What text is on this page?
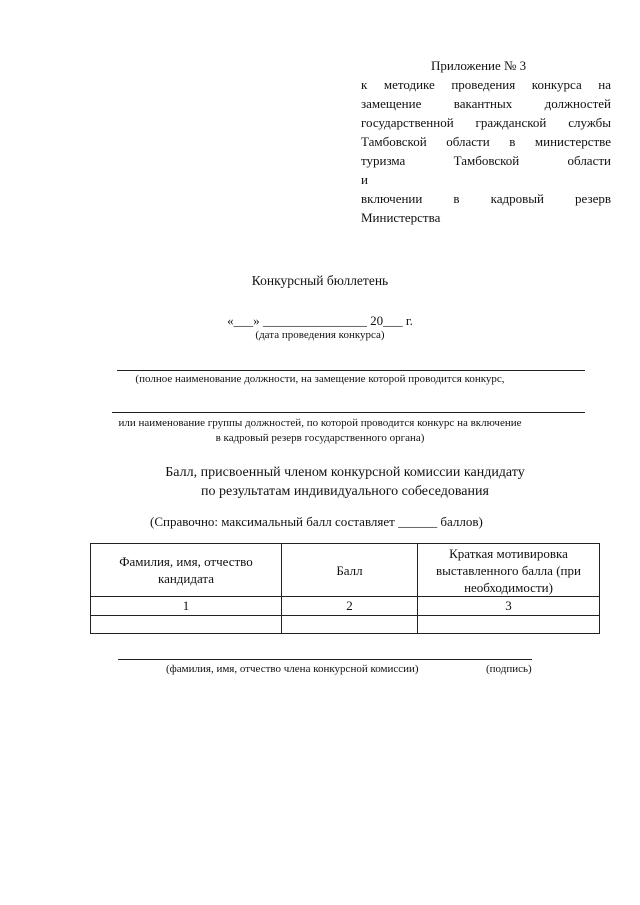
Приложение № 3
к методике проведения конкурса на
замещение вакантных должностей
государственной гражданской службы
Тамбовской области в министерстве
туризма Тамбовской области и
включении в кадровый резерв
Министерства
Конкурсный бюллетень
«___» ________________ 20___ г.
(дата проведения конкурса)
(полное наименование должности, на замещение которой проводится конкурс,
или наименование группы должностей, по которой проводится конкурс на включение
в кадровый резерв государственного органа)
Балл, присвоенный членом конкурсной комиссии кандидату
по результатам индивидуального собеседования
(Справочно: максимальный балл составляет ______ баллов)
Фамилия, имя, отчество кандидата	Балл	Краткая мотивировка выставленного балла (при необходимости)
1	2	3

(фамилия, имя, отчество члена конкурсной комиссии)	(подпись)
